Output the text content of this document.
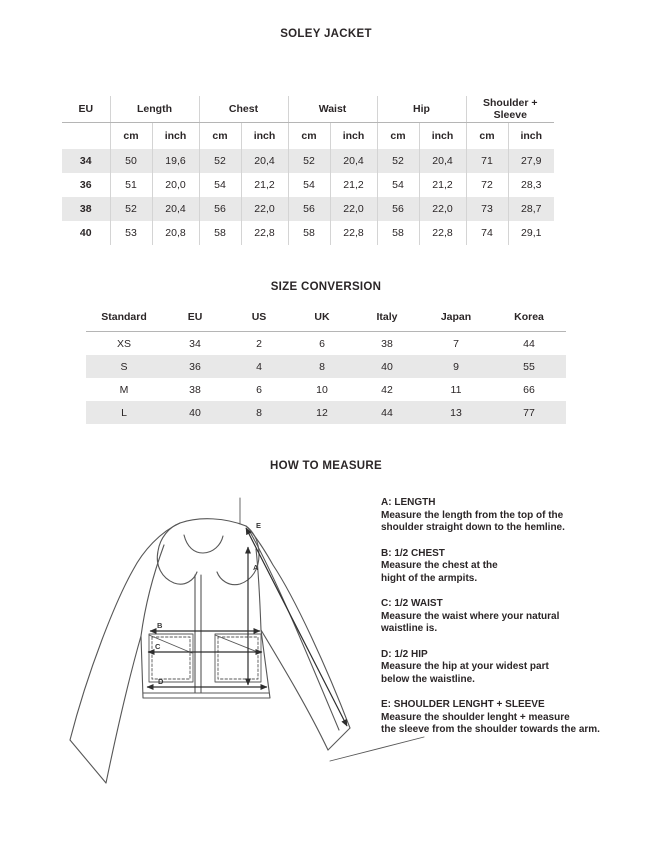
SOLEY JACKET
EU	Length		Chest		Waist		Hip		Shoulder + Sleeve	
	cm	inch	cm	inch	cm	inch	cm	inch	cm	inch
34	50	19,6	52	20,4	52	20,4	52	20,4	71	27,9
36	51	20,0	54	21,2	54	21,2	54	21,2	72	28,3
38	52	20,4	56	22,0	56	22,0	56	22,0	73	28,7
40	53	20,8	58	22,8	58	22,8	58	22,8	74	29,1
SIZE CONVERSION
Standard	EU	US	UK	Italy	Japan	Korea
XS	34	2	6	38	7	44
S	36	4	8	40	9	55
M	38	6	10	42	11	66
L	40	8	12	44	13	77
HOW TO MEASURE
A
B
C
D
E
A: LENGTH
Measure the length from the top of the
shoulder straight down to the hemline.
B: 1/2 CHEST
Measure the chest at the
hight of the armpits.
C: 1/2 WAIST
Measure the waist where your natural
waistline is.
D: 1/2 HIP
Measure the hip at your widest part
below the waistline.
E: SHOULDER LENGHT + SLEEVE
Measure the shoulder lenght + measure
the sleeve from the shoulder towards the arm.
